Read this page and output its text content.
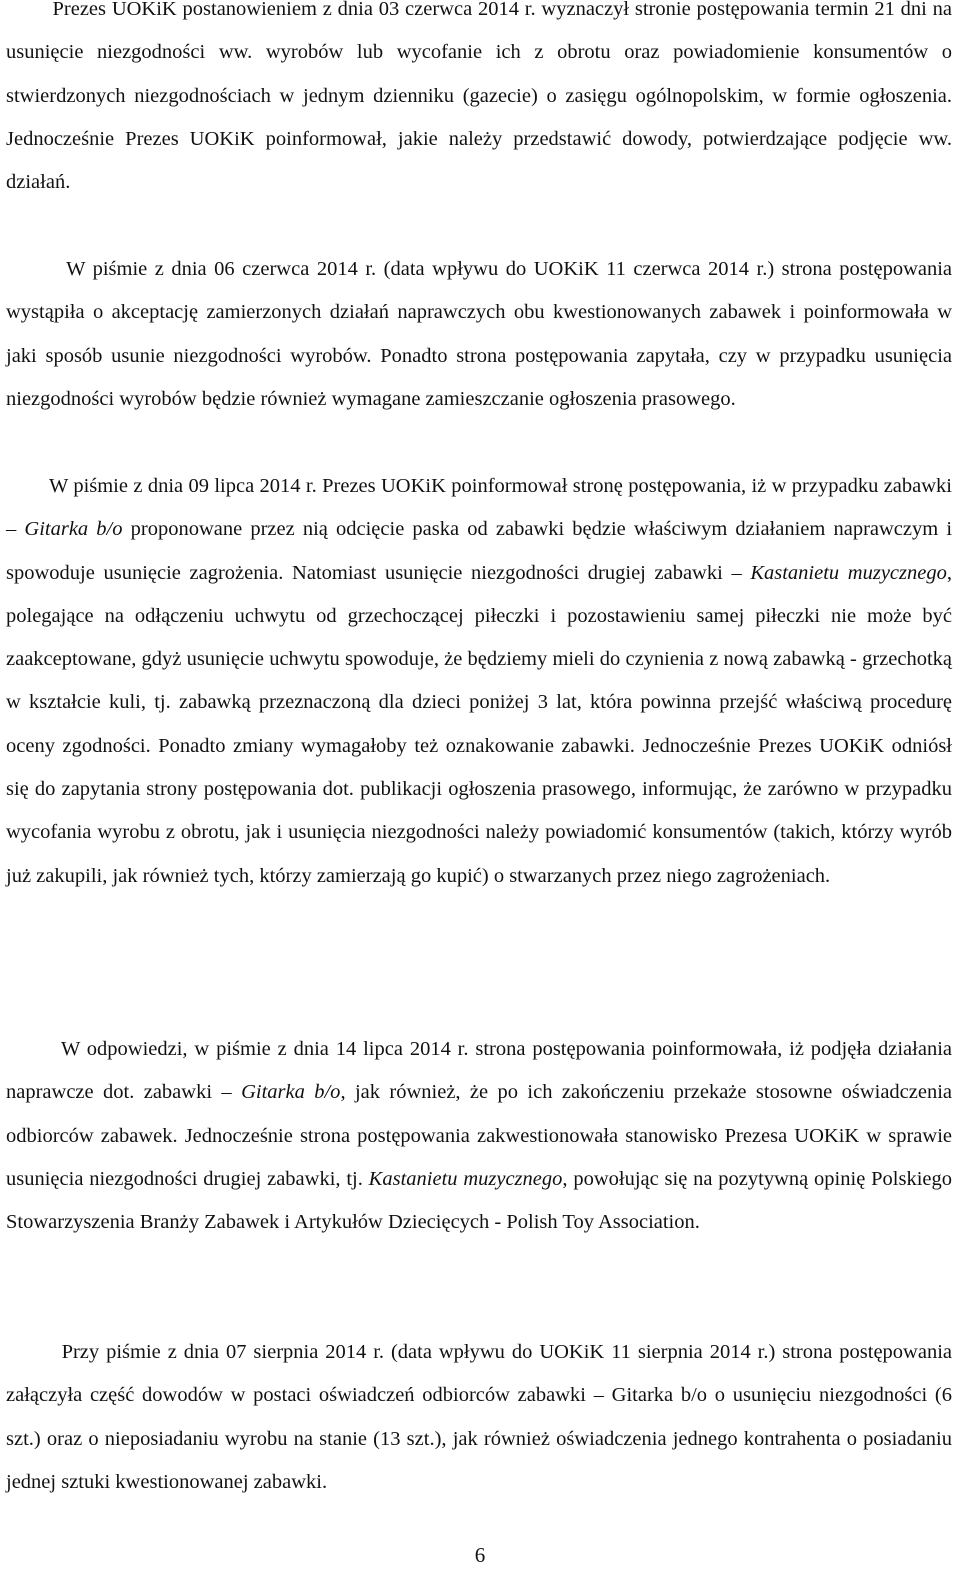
Prezes UOKiK postanowieniem z dnia 03 czerwca 2014 r. wyznaczył stronie postępowania termin 21 dni na usunięcie niezgodności ww. wyrobów lub wycofanie ich z obrotu oraz powiadomienie konsumentów o stwierdzonych niezgodnościach w jednym dzienniku (gazecie) o zasięgu ogólnopolskim, w formie ogłoszenia. Jednocześnie Prezes UOKiK poinformował, jakie należy przedstawić dowody, potwierdzające podjęcie ww. działań.

W piśmie z dnia 06 czerwca 2014 r. (data wpływu do UOKiK 11 czerwca 2014 r.) strona postępowania wystąpiła o akceptację zamierzonych działań naprawczych obu kwestionowanych zabawek i poinformowała w jaki sposób usunie niezgodności wyrobów. Ponadto strona postępowania zapytała, czy w przypadku usunięcia niezgodności wyrobów będzie również wymagane zamieszczanie ogłoszenia prasowego.

W piśmie z dnia 09 lipca 2014 r. Prezes UOKiK poinformował stronę postępowania, iż w przypadku zabawki – Gitarka b/o proponowane przez nią odcięcie paska od zabawki będzie właściwym działaniem naprawczym i spowoduje usunięcie zagrożenia. Natomiast usunięcie niezgodności drugiej zabawki – Kastanietu muzycznego, polegające na odłączeniu uchwytu od grzechoczącej piłeczki i pozostawieniu samej piłeczki nie może być zaakceptowane, gdyż usunięcie uchwytu spowoduje, że będziemy mieli do czynienia z nową zabawką - grzechotką w kształcie kuli, tj. zabawką przeznaczoną dla dzieci poniżej 3 lat, która powinna przejść właściwą procedurę oceny zgodności. Ponadto zmiany wymagałoby też oznakowanie zabawki. Jednocześnie Prezes UOKiK odniósł się do zapytania strony postępowania dot. publikacji ogłoszenia prasowego, informując, że zarówno w przypadku wycofania wyrobu z obrotu, jak i usunięcia niezgodności należy powiadomić konsumentów (takich, którzy wyrób już zakupili, jak również tych, którzy zamierzają go kupić) o stwarzanych przez niego zagrożeniach.

W odpowiedzi, w piśmie z dnia 14 lipca 2014 r. strona postępowania poinformowała, iż podjęła działania naprawcze dot. zabawki – Gitarka b/o, jak również, że po ich zakończeniu przekaże stosowne oświadczenia odbiorców zabawek. Jednocześnie strona postępowania zakwestionowała stanowisko Prezesa UOKiK w sprawie usunięcia niezgodności drugiej zabawki, tj. Kastanietu muzycznego, powołując się na pozytywną opinię Polskiego Stowarzyszenia Branży Zabawek i Artykułów Dziecięcych - Polish Toy Association.

Przy piśmie z dnia 07 sierpnia 2014 r. (data wpływu do UOKiK 11 sierpnia 2014 r.) strona postępowania załączyła część dowodów w postaci oświadczeń odbiorców zabawki – Gitarka b/o o usunięciu niezgodności (6 szt.) oraz o nieposiadaniu wyrobu na stanie (13 szt.), jak również oświadczenia jednego kontrahenta o posiadaniu jednej sztuki kwestionowanej zabawki.

6
